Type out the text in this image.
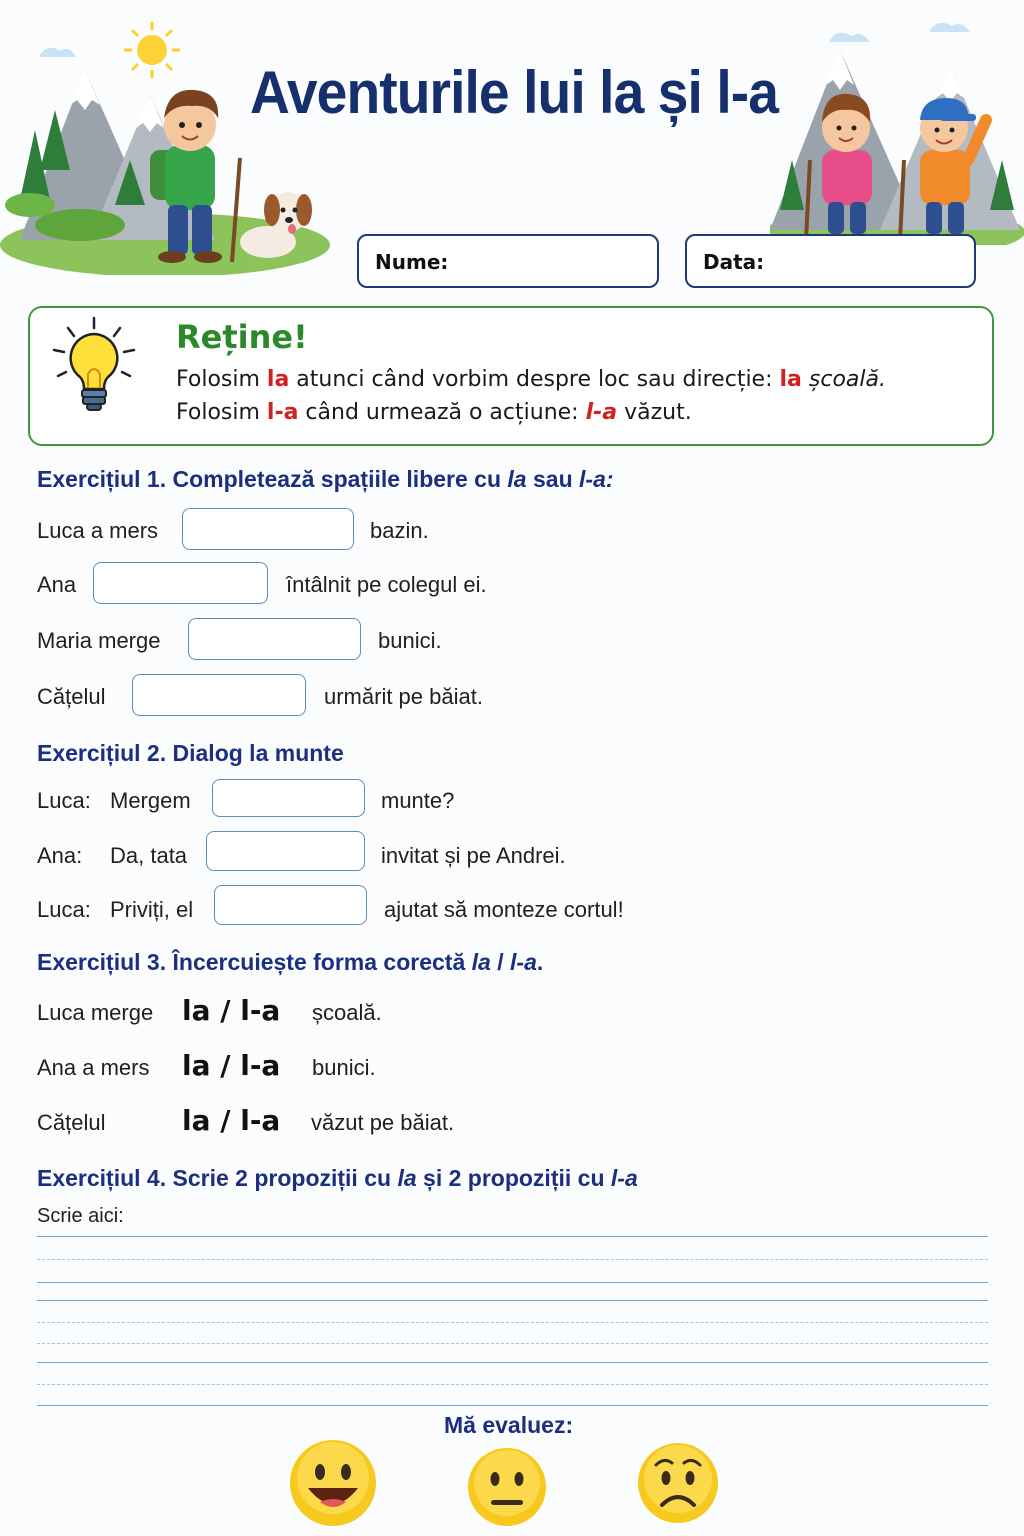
Aventurile lui la și l-a
Nume:	Data:
Reține!
Folosim la atunci când vorbim despre loc sau direcție: la școală.
Folosim l-a când urmează o acțiune: l-a văzut.
Exercițiul 1. Completează spațiile libere cu la sau l-a:
Luca a mers	bazin.
Ana	întâlnit pe colegul ei.
Maria merge	bunici.
Cățelul	urmărit pe băiat.
Exercițiul 2. Dialog la munte
Luca: Mergem	munte?
Ana: Da, tata	invitat și pe Andrei.
Luca: Priviți, el	ajutat să monteze cortul!
Exercițiul 3. Încercuiește forma corectă la / l-a.
Luca merge la / l-a școală.
Ana a mers la / l-a bunici.
Cățelul	la / l-a văzut pe băiat.
Exercițiul 4. Scrie 2 propoziții cu la și 2 propoziții cu l-a
Scrie aici:
Mă evaluez:
